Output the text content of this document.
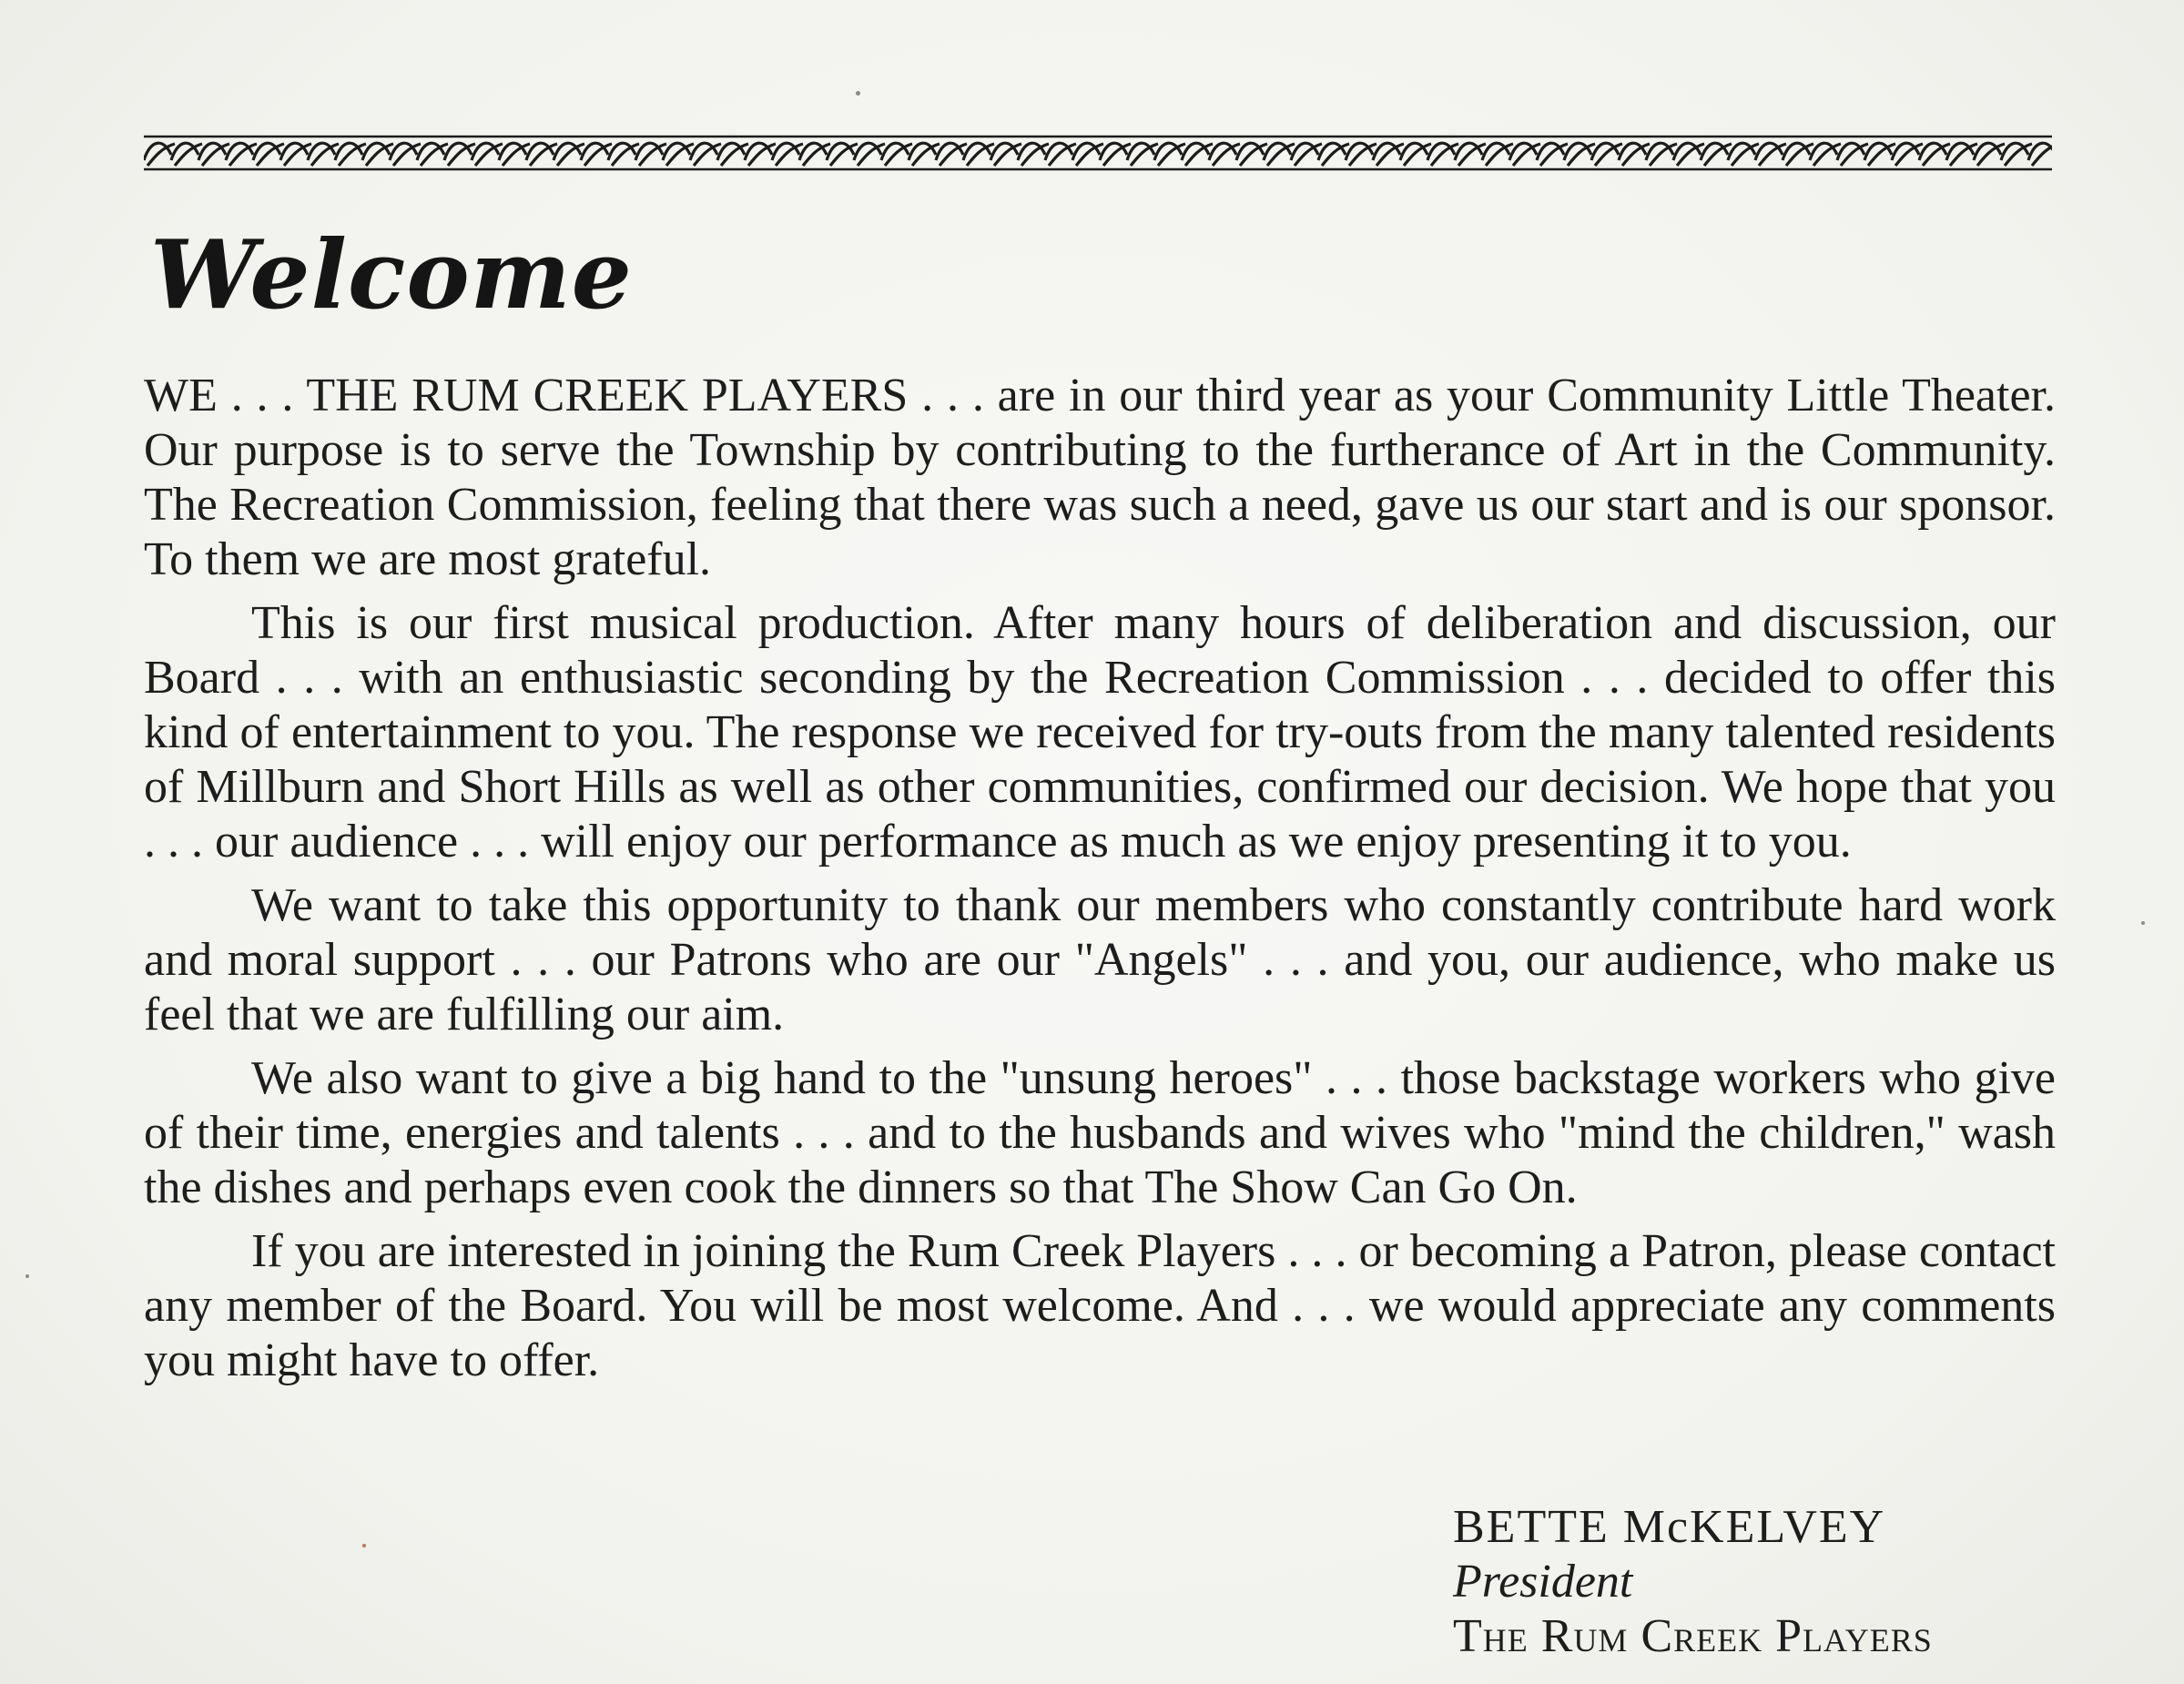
Welcome

WE . . . THE RUM CREEK PLAYERS . . . are in our third year as your Community Little Theater. Our purpose is to serve the Township by contributing to the furtherance of Art in the Community. The Recreation Commission, feeling that there was such a need, gave us our start and is our sponsor. To them we are most grateful.

This is our first musical production. After many hours of deliberation and discussion, our Board . . . with an enthusiastic seconding by the Recreation Commission . . . decided to offer this kind of entertainment to you. The response we received for try-outs from the many talented residents of Millburn and Short Hills as well as other communities, confirmed our decision. We hope that you . . . our audience . . . will enjoy our performance as much as we enjoy presenting it to you.

We want to take this opportunity to thank our members who constantly contribute hard work and moral support . . . our Patrons who are our "Angels" . . . and you, our audience, who make us feel that we are fulfilling our aim.

We also want to give a big hand to the "unsung heroes" . . . those backstage workers who give of their time, energies and talents . . . and to the husbands and wives who "mind the children," wash the dishes and perhaps even cook the dinners so that The Show Can Go On.

If you are interested in joining the Rum Creek Players . . . or becoming a Patron, please contact any member of the Board. You will be most welcome. And . . . we would appreciate any comments you might have to offer.

BETTE McKELVEY
President
The Rum Creek Players
